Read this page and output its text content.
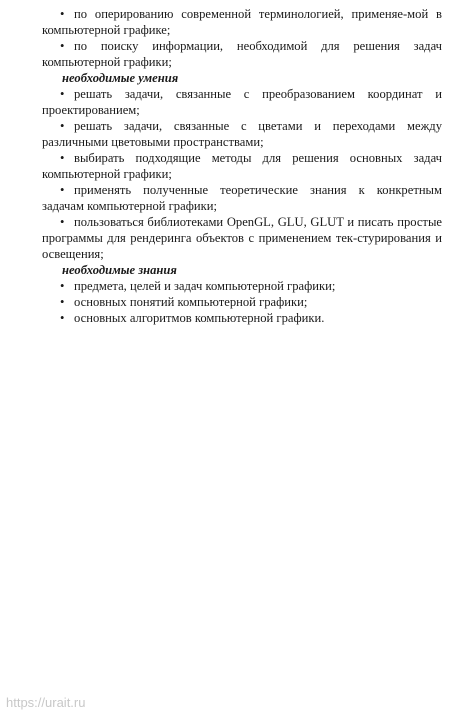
• по оперированию современной терминологией, применяе-мой в компьютерной графике;

• по поиску информации, необходимой для решения задач компьютерной графики;

необходимые умения

• решать задачи, связанные с преобразованием координат и проектированием;

• решать задачи, связанные с цветами и переходами между различными цветовыми пространствами;

• выбирать подходящие методы для решения основных задач компьютерной графики;

• применять полученные теоретические знания к конкретным задачам компьютерной графики;

• пользоваться библиотеками OpenGL, GLU, GLUT и писать простые программы для рендеринга объектов с применением тек-стурирования и освещения;

необходимые знания

• предмета, целей и задач компьютерной графики;

• основных понятий компьютерной графики;

• основных алгоритмов компьютерной графики.

https://urait.ru
